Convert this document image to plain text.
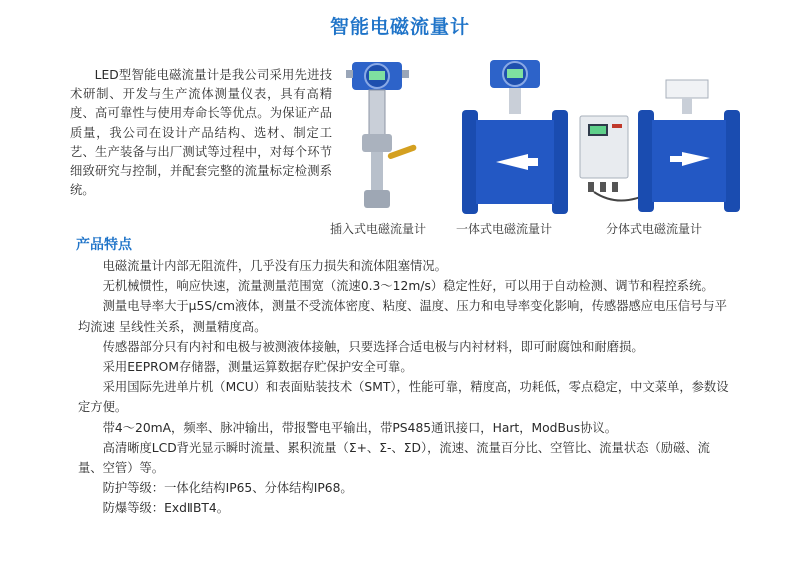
智能电磁流量计

LED型智能电磁流量计是我公司采用先进技术研制、开发与生产流体测量仪表，具有高精度、高可靠性与使用寿命长等优点。为保证产品质量，我公司在设计产品结构、选材、制定工艺、生产装备与出厂测试等过程中，对每个环节细致研究与控制，并配套完整的流量标定检测系统。

插入式电磁流量计 一体式电磁流量计	分体式电磁流量计
产品特点

电磁流量计内部无阻流件，几乎没有压力损失和流体阻塞情况。

无机械惯性，响应快速，流量测量范围宽（流速0.3～12m/s）稳定性好，可以用于自动检测、调节和程控系统。

测量电导率大于μ5S/cm液体，测量不受流体密度、粘度、温度、压力和电导率变化影响，传感器感应电压信号与平均流速 呈线性关系，测量精度高。

传感器部分只有内衬和电极与被测液体接触，只要选择合适电极与内衬材料，即可耐腐蚀和耐磨损。

采用EEPROM存储器，测量运算数据存贮保护安全可靠。

采用国际先进单片机（MCU）和表面贴装技术（SMT），性能可靠，精度高，功耗低，零点稳定，中文菜单，参数设定方便。

带4～20mA，频率、脉冲输出，带报警电平输出，带PS485通讯接口，Hart，ModBus协议。

高清晰度LCD背光显示瞬时流量、累积流量（Σ+、Σ-、ΣD），流速、流量百分比、空管比、流量状态（励磁、流量、空管）等。

防护等级：一体化结构IP65、分体结构IP68。

防爆等级：ExdⅡBT4。
